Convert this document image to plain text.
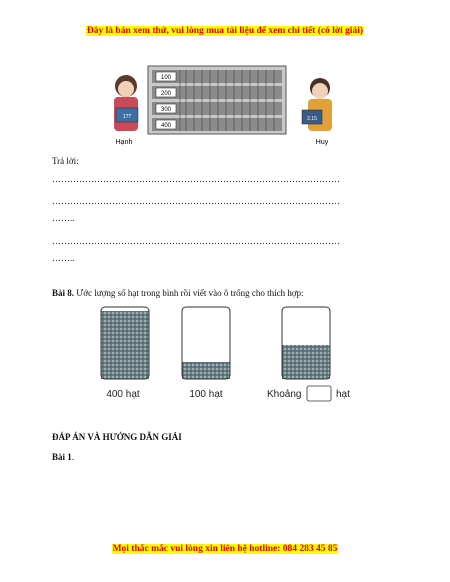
Đây là bản xem thử, vui lòng mua tài liệu để xem chi tiết (có lời giải)
100
200
300
400
1??
Hạnh
2.15
Huy
Trả lời:
……………………………………………………………………………………
……………………………………………………………………………………
……..
……………………………………………………………………………………
……..
Bài 8. Ước lượng số hạt trong bình rồi viết vào ô trống cho thích hợp:
400 hạt	100 hạt	Khoảng	hạt
ĐÁP ÁN VÀ HƯỚNG DẪN GIẢI
Bài 1.
Mọi thắc mắc vui lòng xin liên hệ hotline: 084 283 45 85
